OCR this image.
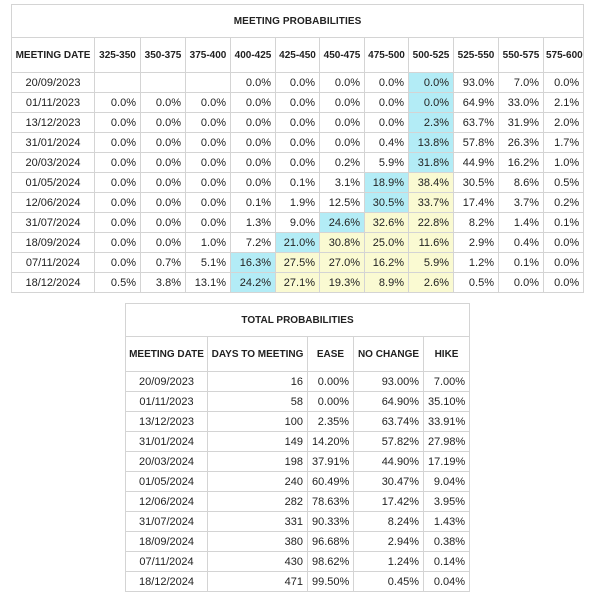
MEETING PROBABILITIES											
MEETING DATE	325-350	350-375	375-400	400-425	425-450	450-475	475-500	500-525	525-550	550-575	575-600
20/09/2023				0.0%	0.0%	0.0%	0.0%	0.0%	93.0%	7.0%	0.0%
01/11/2023	0.0%	0.0%	0.0%	0.0%	0.0%	0.0%	0.0%	0.0%	64.9%	33.0%	2.1%
13/12/2023	0.0%	0.0%	0.0%	0.0%	0.0%	0.0%	0.0%	2.3%	63.7%	31.9%	2.0%
31/01/2024	0.0%	0.0%	0.0%	0.0%	0.0%	0.0%	0.4%	13.8%	57.8%	26.3%	1.7%
20/03/2024	0.0%	0.0%	0.0%	0.0%	0.0%	0.2%	5.9%	31.8%	44.9%	16.2%	1.0%
01/05/2024	0.0%	0.0%	0.0%	0.0%	0.1%	3.1%	18.9%	38.4%	30.5%	8.6%	0.5%
12/06/2024	0.0%	0.0%	0.0%	0.1%	1.9%	12.5%	30.5%	33.7%	17.4%	3.7%	0.2%
31/07/2024	0.0%	0.0%	0.0%	1.3%	9.0%	24.6%	32.6%	22.8%	8.2%	1.4%	0.1%
18/09/2024	0.0%	0.0%	1.0%	7.2%	21.0%	30.8%	25.0%	11.6%	2.9%	0.4%	0.0%
07/11/2024	0.0%	0.7%	5.1%	16.3%	27.5%	27.0%	16.2%	5.9%	1.2%	0.1%	0.0%
18/12/2024	0.5%	3.8%	13.1%	24.2%	27.1%	19.3%	8.9%	2.6%	0.5%	0.0%	0.0%
TOTAL PROBABILITIES				
MEETING DATE	DAYS TO MEETING	EASE	NO CHANGE	HIKE
20/09/2023	16	0.00%	93.00%	7.00%
01/11/2023	58	0.00%	64.90%	35.10%
13/12/2023	100	2.35%	63.74%	33.91%
31/01/2024	149	14.20%	57.82%	27.98%
20/03/2024	198	37.91%	44.90%	17.19%
01/05/2024	240	60.49%	30.47%	9.04%
12/06/2024	282	78.63%	17.42%	3.95%
31/07/2024	331	90.33%	8.24%	1.43%
18/09/2024	380	96.68%	2.94%	0.38%
07/11/2024	430	98.62%	1.24%	0.14%
18/12/2024	471	99.50%	0.45%	0.04%
